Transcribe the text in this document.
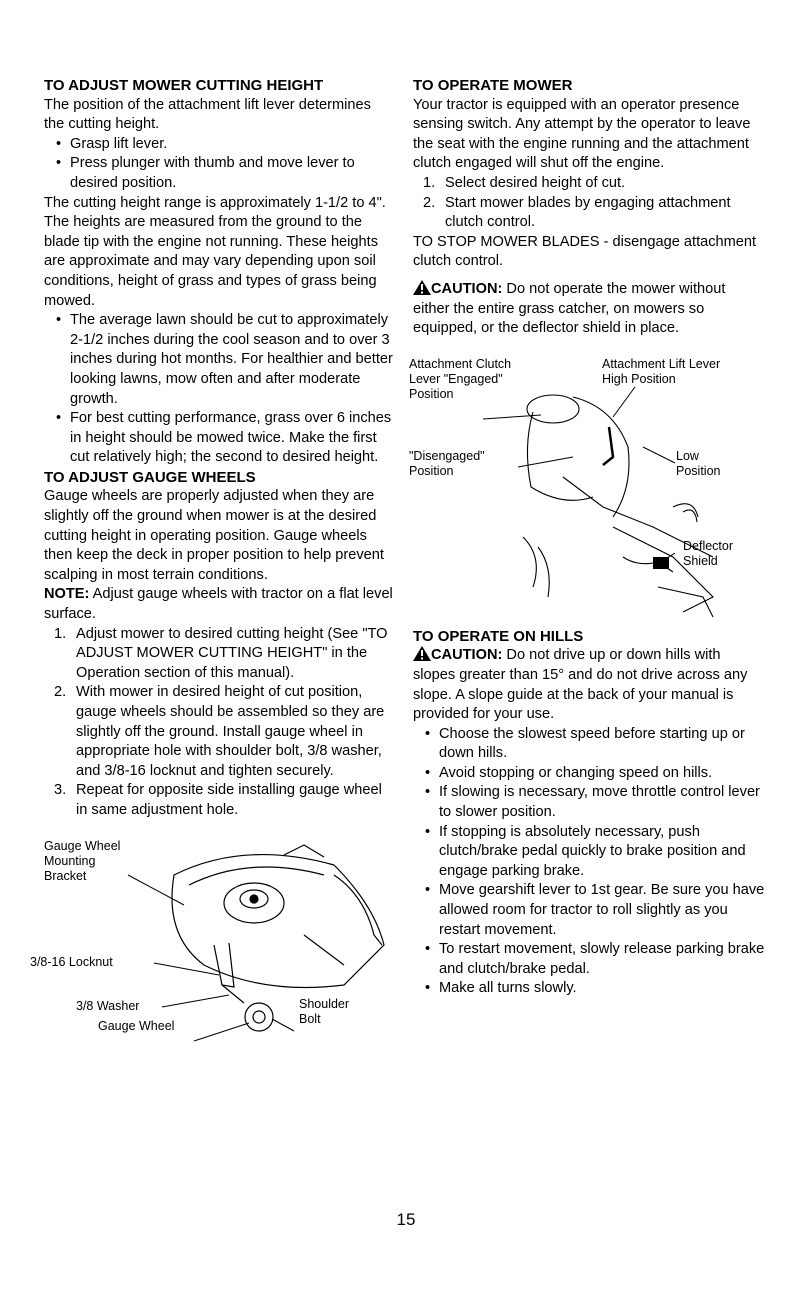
TO ADJUST MOWER CUTTING HEIGHT

The position of the attachment lift lever determines the cutting height.

• Grasp lift lever.

• Press plunger with thumb and move lever to desired position.

The cutting height range is approximately 1-1/2 to 4". The heights are measured from the ground to the blade tip with the engine not running. These heights are approximate and may vary depending upon soil conditions, height of grass and types of grass being mowed.

• The average lawn should be cut to approximately 2-1/2 inches during the cool season and to over 3 inches during hot months. For healthier and better looking lawns, mow often and after moderate growth.

• For best cutting performance, grass over 6 inches in height should be mowed twice. Make the first cut relatively high; the second to desired height.

TO ADJUST GAUGE WHEELS

Gauge wheels are properly adjusted when they are slightly off the ground when mower is at the desired cutting height in operating position. Gauge wheels then keep the deck in proper position to help prevent scalping in most terrain conditions.

NOTE: Adjust gauge wheels with tractor on a flat level surface.

1. Adjust mower to desired cutting height (See "TO ADJUST MOWER CUTTING HEIGHT" in the Operation section of this manual).

2. With mower in desired height of cut position, gauge wheels should be assembled so they are slightly off the ground. Install gauge wheel in appropriate hole with shoulder bolt, 3/8 washer, and 3/8-16 locknut and tighten securely.

3. Repeat for opposite side installing gauge wheel in same adjustment hole.

Gauge Wheel
Mounting
Bracket
3/8-16 Locknut
3/8 Washer
Gauge Wheel
Shoulder
Bolt

TO OPERATE MOWER

Your tractor is equipped with an operator presence sensing switch. Any attempt by the operator to leave the seat with the engine running and the attachment clutch engaged will shut off the engine.

1. Select desired height of cut.

2. Start mower blades by engaging attachment clutch control.

TO STOP MOWER BLADES - disengage attachment clutch control.

CAUTION: Do not operate the mower without either the entire grass catcher, on mowers so equipped, or the deflector shield in place.

Attachment Clutch
Lever "Engaged"
Position
"Disengaged"
Position
Attachment Lift Lever
High Position
Low
Position
Deflector
Shield

TO OPERATE ON HILLS

CAUTION: Do not drive up or down hills with slopes greater than 15° and do not drive across any slope. A slope guide at the back of your manual is provided for your use.

• Choose the slowest speed before starting up or down hills.

• Avoid stopping or changing speed on hills.

• If slowing is necessary, move throttle control lever to slower position.

• If stopping is absolutely necessary, push clutch/brake pedal quickly to brake position and engage parking brake.

• Move gearshift lever to 1st gear. Be sure you have allowed room for tractor to roll slightly as you restart movement.

• To restart movement, slowly release parking brake and clutch/brake pedal.

• Make all turns slowly.

15
